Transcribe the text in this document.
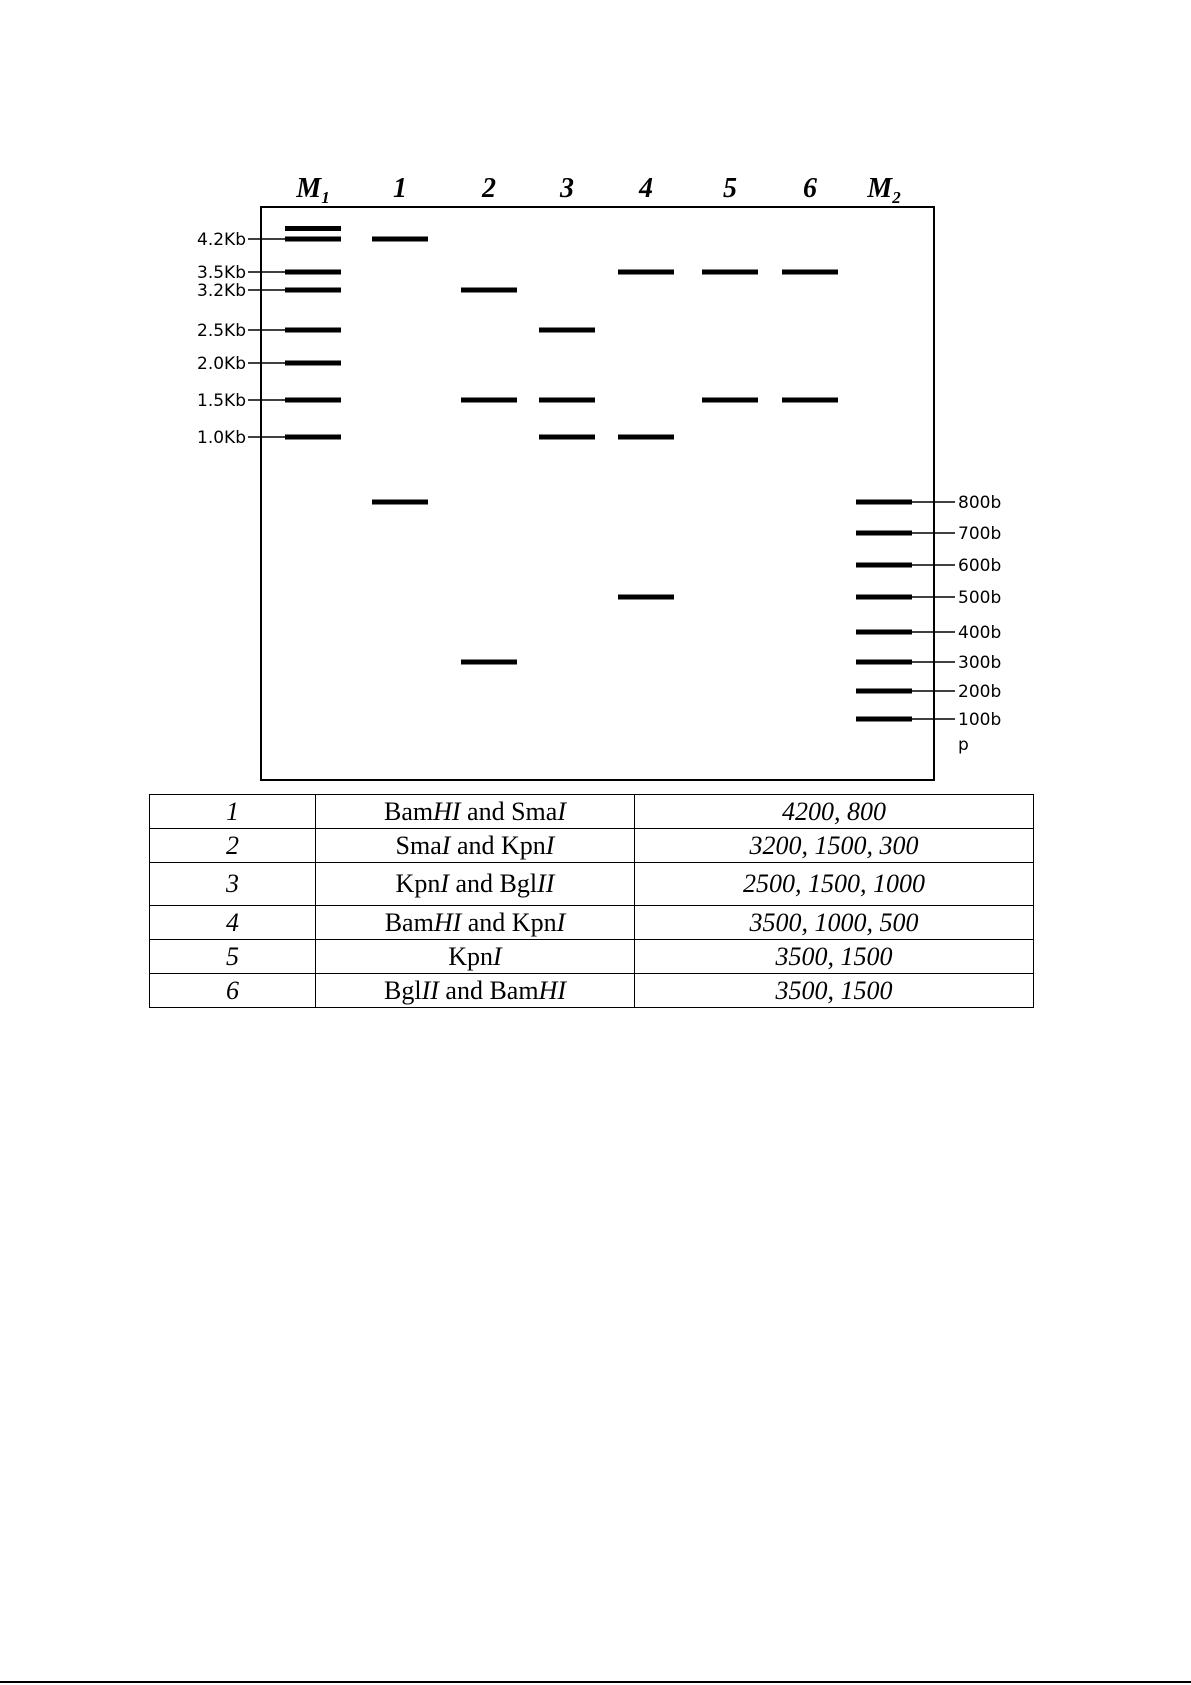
$M_1$ 1	2 3 4	5 6 $M_2$
4.2Kb
3.5Kb
3.2Kb
2.5Kb
2.0Kb
1.5Kb
1.0Kb
800b
700b
600b
500b
400b
300b
200b
100b
p
1	BamHI and SmaI	4200, 800
2	SmaI and KpnI	3200, 1500, 300
3	KpnI and BglII	2500, 1500, 1000
4	BamHI and KpnI	3500, 1000, 500
5	KpnI	3500, 1500
6	BglII and BamHI	3500, 1500
